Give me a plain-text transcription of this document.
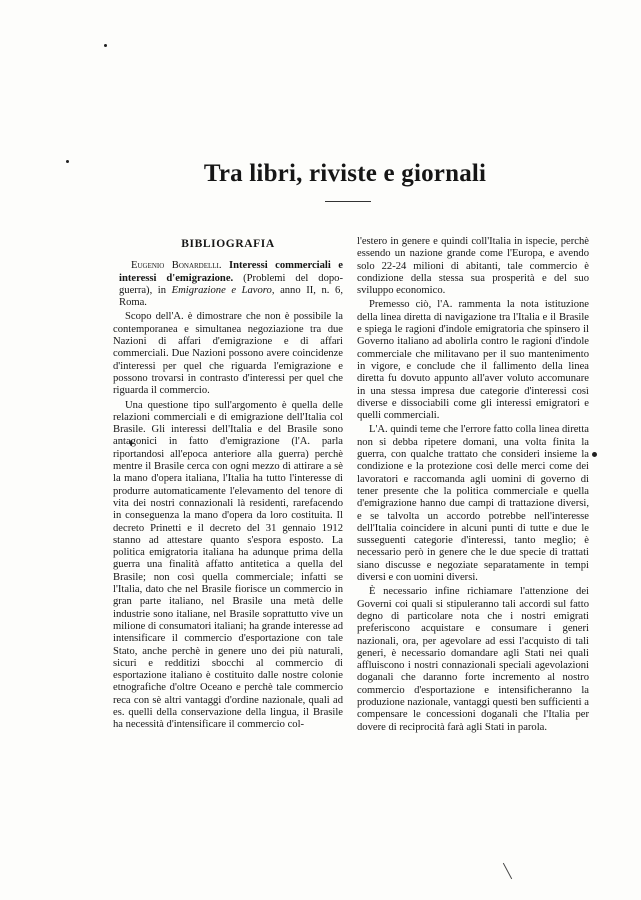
Tra libri, riviste e giornali
BIBLIOGRAFIA

Eugenio Bonardelli. Interessi commerciali e interessi d'emigrazione. (Problemi del dopo-guerra), in Emigrazione e Lavoro, anno II, n. 6, Roma.

Scopo dell'A. è dimostrare che non è possibile la contemporanea e simultanea negoziazione tra due Nazioni di affari d'emigrazione e di affari commerciali. Due Nazioni possono avere coincidenze d'interessi per quel che riguarda l'emigrazione e possono trovarsi in contrasto d'interessi per quel che riguarda il commercio.

Una questione tipo sull'argomento è quella delle relazioni commerciali e di emigrazione dell'Italia col Brasile. Gli interessi dell'Italia e del Brasile sono antagonici in fatto d'emigrazione (l'A. parla riportandosi all'epoca anteriore alla guerra) perchè mentre il Brasile cerca con ogni mezzo di attirare a sè la mano d'opera italiana, l'Italia ha tutto l'interesse di produrre automaticamente l'elevamento del tenore di vita dei nostri connazionali là residenti, rarefacendo in conseguenza la mano d'opera da loro costituita. Il decreto Prinetti e il decreto del 31 gennaio 1912 stanno ad attestare quanto s'espora esposto. La politica emigratoria italiana ha adunque prima della guerra una finalità affatto antitetica a quella del Brasile; non così quella commerciale; infatti se l'Italia, dato che nel Brasile fiorisce un commercio in gran parte italiano, nel Brasile una metà delle industrie sono italiane, nel Brasile soprattutto vive un milione di consumatori italiani; ha grande interesse ad intensificare il commercio d'esportazione con tale Stato, anche perchè in genere uno dei più naturali, sicuri e redditizi sbocchi al commercio di esportazione italiano è costituito dalle nostre colonie etnografiche d'oltre Oceano e perchè tale commercio reca con sè altri vantaggi d'ordine nazionale, quali ad es. quelli della conservazione della lingua, il Brasile ha necessità d'intensificare il commercio col-

l'estero in genere e quindi coll'Italia in ispecie, perchè essendo un nazione grande come l'Europa, e avendo solo 22-24 milioni di abitanti, tale commercio è condizione della stessa sua prosperità e del suo sviluppo economico.

Premesso ciò, l'A. rammenta la nota istituzione della linea diretta di navigazione tra l'Italia e il Brasile e spiega le ragioni d'indole emigratoria che spinsero il Governo italiano ad abolirla contro le ragioni d'indole commerciale che militavano per il suo mantenimento in vigore, e conclude che il fallimento della linea diretta fu dovuto appunto all'aver voluto accomunare in una stessa impresa due categorie d'interessi così diverse e dissociabili come gli interessi emigratori e quelli commerciali.

L'A. quindi teme che l'errore fatto colla linea diretta non si debba ripetere domani, una volta finita la guerra, con qualche trattato che consideri insieme la condizione e la protezione così delle merci come dei lavoratori e raccomanda agli uomini di governo di tener presente che la politica commerciale e quella d'emigrazione hanno due campi di trattazione diversi, e se talvolta un accordo potrebbe nell'interesse dell'Italia coincidere in alcuni punti di tutte e due le susseguenti categorie d'interessi, tanto meglio; è necessario però in genere che le due specie di trattati siano discusse e negoziate separatamente in tempi diversi e con uomini diversi.

È necessario infine richiamare l'attenzione dei Governi coi quali si stipuleranno tali accordi sul fatto degno di particolare nota che i nostri emigrati preferiscono acquistare e consumare i generi nazionali, ora, per agevolare ad essi l'acquisto di tali generi, è necessario domandare agli Stati nei quali affluiscono i nostri connazionali speciali agevolazioni doganali che daranno forte incremento al nostro commercio d'esportazione e intensificheranno la produzione nazionale, vantaggi questi ben sufficienti a compensare le concessioni doganali che l'Italia per dovere di reciprocità farà agli Stati in parola.
